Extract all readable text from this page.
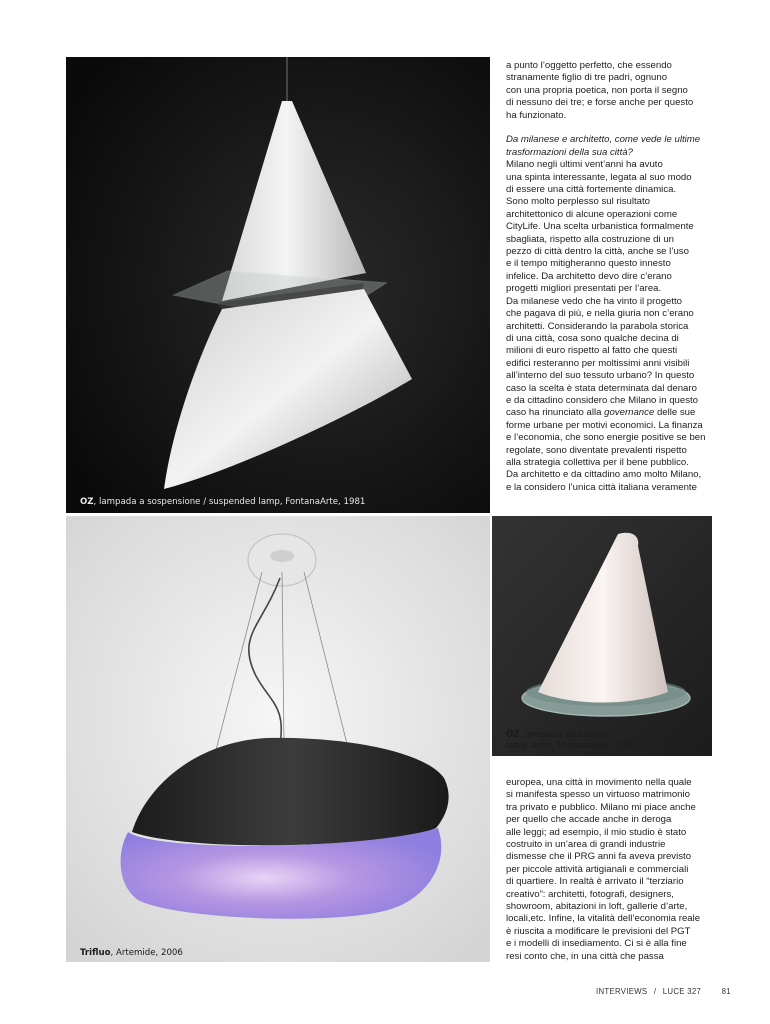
OZ, lampada a sospensione / suspended lamp, FontanaArte, 1981
Trifluo, Artemide, 2006
OZ, lampada da tavolo /
table lamp, FontanaArte, 1981

a punto l’oggetto perfetto, che essendo

stranamente figlio di tre padri, ognuno

con una propria poetica, non porta il segno

di nessuno dei tre; e forse anche per questo

ha funzionato.

Da milanese e architetto, come vede le ultime

trasformazioni della sua città?

Milano negli ultimi vent’anni ha avuto

una spinta interessante, legata al suo modo

di essere una città fortemente dinamica.

Sono molto perplesso sul risultato

architettonico di alcune operazioni come

CityLife. Una scelta urbanistica formalmente

sbagliata, rispetto alla costruzione di un

pezzo di città dentro la città, anche se l’uso

e il tempo mitigheranno questo innesto

infelice. Da architetto devo dire c’erano

progetti migliori presentati per l’area.

Da milanese vedo che ha vinto il progetto

che pagava di più, e nella giuria non c’erano

architetti. Considerando la parabola storica

di una città, cosa sono qualche decina di

milioni di euro rispetto al fatto che questi

edifici resteranno per moltissimi anni visibili

all’interno del suo tessuto urbano? In questo

caso la scelta è stata determinata dal denaro

e da cittadino considero che Milano in questo

caso ha rinunciato alla governance delle sue

forme urbane per motivi economici. La finanza

e l’economia, che sono energie positive se ben

regolate, sono diventate prevalenti rispetto

alla strategia collettiva per il bene pubblico.

Da architetto e da cittadino amo molto Milano,

e la considero l’unica città italiana veramente

europea, una città in movimento nella quale

si manifesta spesso un virtuoso matrimonio

tra privato e pubblico. Milano mi piace anche

per quello che accade anche in deroga

alle leggi; ad esempio, il mio studio è stato

costruito in un’area di grandi industrie

dismesse che il PRG anni fa aveva previsto

per piccole attività artigianali e commerciali

di quartiere. In realtà è arrivato il “terziario

creativo”: architetti, fotografi, designers,

showroom, abitazioni in loft, gallerie d’arte,

locali,etc. Infine, la vitalità dell’economia reale

è riuscita a modificare le previsioni del PGT

e i modelli di insediamento. Ci si è alla fine

resi conto che, in una città che passa

INTERVIEWS / LUCE 327	81
